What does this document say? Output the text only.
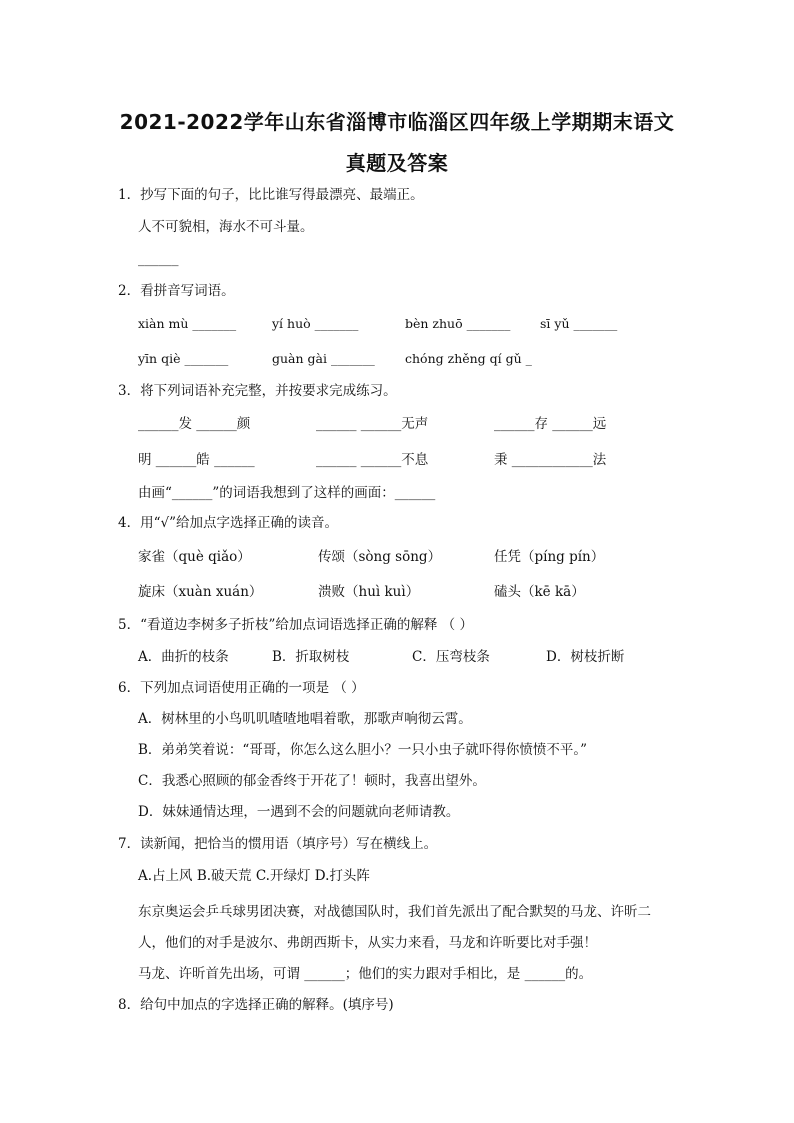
2021-2022学年山东省淄博市临淄区四年级上学期期末语文
真题及答案
1．抄写下面的句子，比比谁写得最漂亮、最端正。
人不可貌相，海水不可斗量。
______
2．看拼音写词语。
xiàn mù _______	yí huò _______	bèn zhuō _______ sī yǔ _______
yīn qiè _______	guàn gài _______ chóng zhěng qí gǔ _
3．将下列词语补充完整，并按要求完成练习。
______发 ______颜	______ ______无声	______存 ______远
明 ______皓 ______	______ ______不息	秉 ____________法
由画“______”的词语我想到了这样的画面：______
4．用“√”给加点字选择正确的读音。
家雀（què qiǎo）	传颂（sòng sōng）	任凭（píng pín）
旋床（xuàn xuán）	溃败（huì kuì）	磕头（kē kā）
5．“看道边李树多子折枝”给加点词语选择正确的解释 （ ）
A．曲折的枝条	B．折取树枝	C．压弯枝条	D．树枝折断
6．下列加点词语使用正确的一项是 （ ）
A．树林里的小鸟叽叽喳喳地唱着歌，那歌声响彻云霄。
B．弟弟笑着说：“哥哥，你怎么这么胆小？一只小虫子就吓得你愤愤不平。”
C．我悉心照顾的郁金香终于开花了！顿时，我喜出望外。
D．妹妹通情达理，一遇到不会的问题就向老师请教。
7．读新闻，把恰当的惯用语（填序号）写在横线上。
A.占上风 B.破天荒 C.开绿灯 D.打头阵
东京奥运会乒乓球男团决赛，对战德国队时，我们首先派出了配合默契的马龙、许昕二
人，他们的对手是波尔、弗朗西斯卡，从实力来看，马龙和许昕要比对手强！
马龙、许昕首先出场，可谓 ______；他们的实力跟对手相比，是 ______的。
8．给句中加点的字选择正确的解释。(填序号)
